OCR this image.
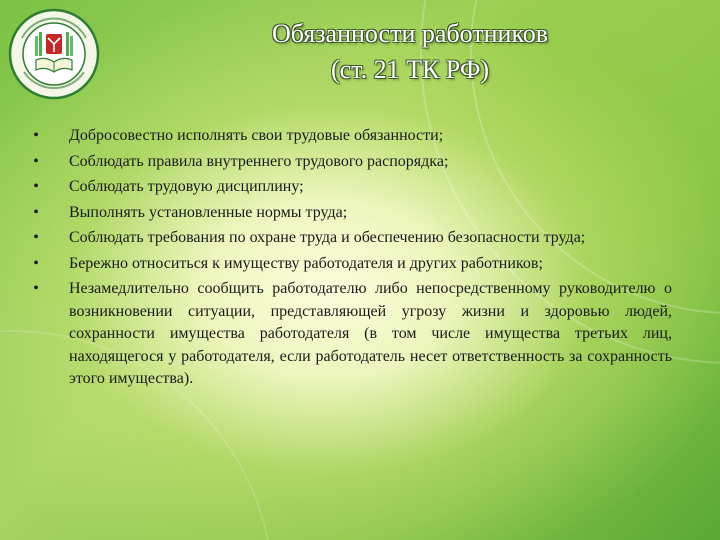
Обязанности работников
(ст. 21 ТК РФ)
• Добросовестно исполнять свои трудовые обязанности;
• Соблюдать правила внутреннего трудового распорядка;
• Соблюдать трудовую дисциплину;
• Выполнять установленные нормы труда;
• Соблюдать требования по охране труда и обеспечению безопасности труда;
• Бережно относиться к имуществу работодателя и других работников;
• Незамедлительно сообщить работодателю либо непосредственному руководителю о возникновении ситуации, представляющей угрозу жизни и здоровью людей, сохранности имущества работодателя (в том числе имущества третьих лиц, находящегося у работодателя, если работодатель несет ответственность за сохранность этого имущества).
